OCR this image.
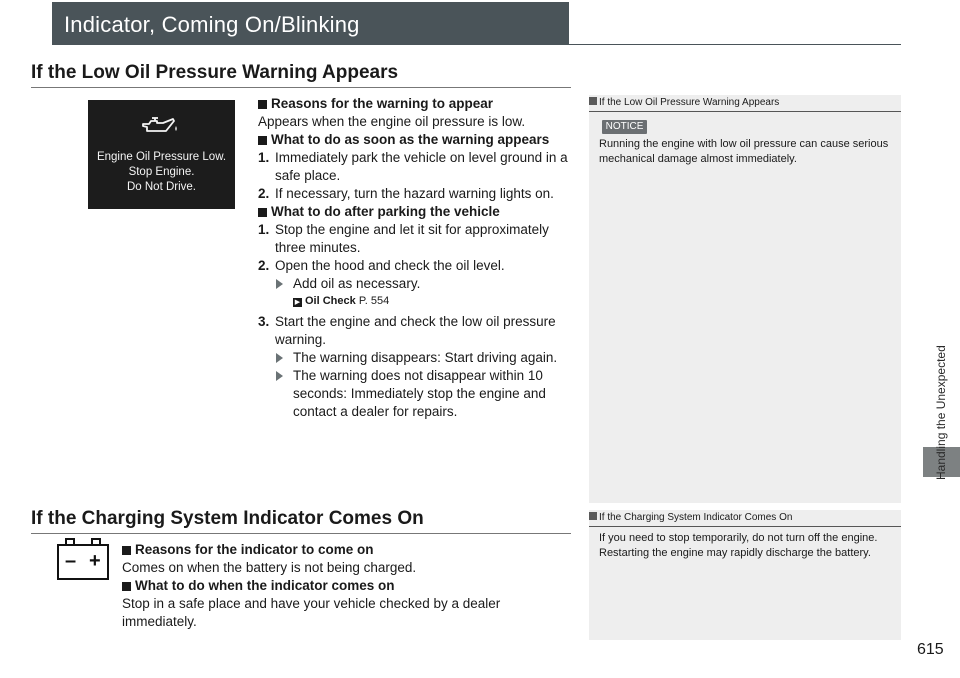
Indicator, Coming On/Blinking
Handling the Unexpected
If the Low Oil Pressure Warning Appears
Engine Oil Pressure Low.
Stop Engine.
Do Not Drive.
Reasons for the warning to appear
Appears when the engine oil pressure is low.
What to do as soon as the warning appears
1. Immediately park the vehicle on level ground in a safe place.
2. If necessary, turn the hazard warning lights on.
What to do after parking the vehicle
1. Stop the engine and let it sit for approximately three minutes.
2. Open the hood and check the oil level.
Add oil as necessary.
▶ Oil Check P. 554
3. Start the engine and check the low oil pressure warning.
The warning disappears: Start driving again.
The warning does not disappear within 10 seconds: Immediately stop the engine and contact a dealer for repairs.
If the Low Oil Pressure Warning Appears
NOTICE
Running the engine with low oil pressure can cause serious mechanical damage almost immediately.
If the Charging System Indicator Comes On
– +
Reasons for the indicator to come on
Comes on when the battery is not being charged.
What to do when the indicator comes on
Stop in a safe place and have your vehicle checked by a dealer immediately.
If the Charging System Indicator Comes On
If you need to stop temporarily, do not turn off the engine. Restarting the engine may rapidly discharge the battery.
615
